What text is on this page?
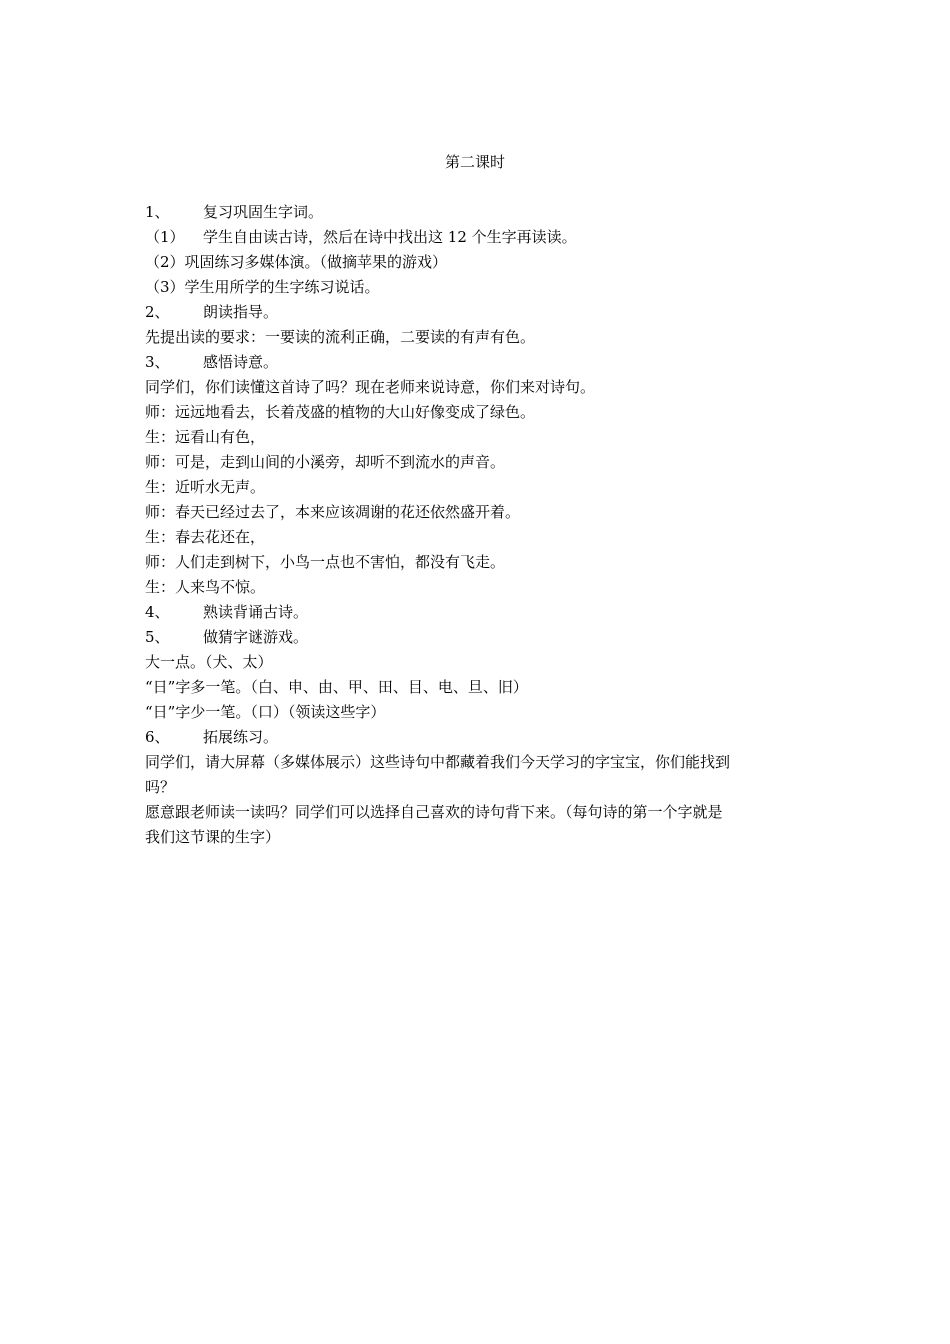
第二课时
1、	复习巩固生字词。
（1）	学生自由读古诗，然后在诗中找出这 12 个生字再读读。
（2）巩固练习多媒体演。（做摘苹果的游戏）
（3）学生用所学的生字练习说话。
2、	朗读指导。
先提出读的要求：一要读的流利正确，二要读的有声有色。
3、	感悟诗意。
同学们，你们读懂这首诗了吗？现在老师来说诗意，你们来对诗句。
师：远远地看去，长着茂盛的植物的大山好像变成了绿色。
生：远看山有色，
师：可是，走到山间的小溪旁，却听不到流水的声音。
生：近听水无声。
师：春天已经过去了，本来应该凋谢的花还依然盛开着。
生：春去花还在，
师：人们走到树下，小鸟一点也不害怕，都没有飞走。
生：人来鸟不惊。
4、	熟读背诵古诗。
5、	做猜字谜游戏。
大一点。（犬、太）
“日”字多一笔。（白、申、由、甲、田、目、电、旦、旧）
“日”字少一笔。（口）（领读这些字）
6、	拓展练习。
同学们，请大屏幕（多媒体展示）这些诗句中都藏着我们今天学习的字宝宝，你们能找到
吗？
愿意跟老师读一读吗？同学们可以选择自己喜欢的诗句背下来。（每句诗的第一个字就是
我们这节课的生字）
